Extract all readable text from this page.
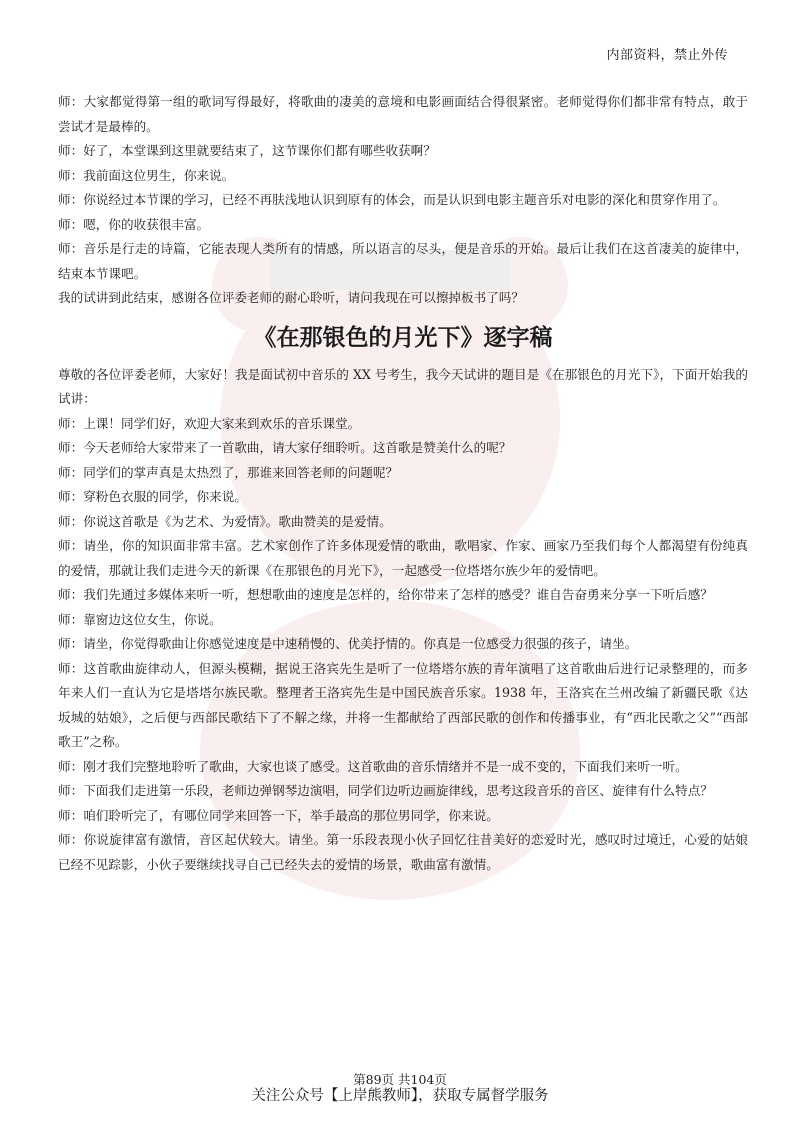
内部资料，禁止外传

师：大家都觉得第一组的歌词写得最好，将歌曲的凄美的意境和电影画面结合得很紧密。老师觉得你们都非常有特点，敢于尝试才是最棒的。

师：好了，本堂课到这里就要结束了，这节课你们都有哪些收获啊？

师：我前面这位男生，你来说。

师：你说经过本节课的学习，已经不再肤浅地认识到原有的体会，而是认识到电影主题音乐对电影的深化和贯穿作用了。

师：嗯，你的收获很丰富。

师：音乐是行走的诗篇，它能表现人类所有的情感，所以语言的尽头，便是音乐的开始。最后让我们在这首凄美的旋律中，结束本节课吧。

我的试讲到此结束，感谢各位评委老师的耐心聆听，请问我现在可以擦掉板书了吗？

《在那银色的月光下》逐字稿

尊敬的各位评委老师，大家好！我是面试初中音乐的 XX 号考生，我今天试讲的题目是《在那银色的月光下》，下面开始我的试讲：

师：上课！同学们好，欢迎大家来到欢乐的音乐课堂。

师：今天老师给大家带来了一首歌曲，请大家仔细聆听。这首歌是赞美什么的呢？

师：同学们的掌声真是太热烈了，那谁来回答老师的问题呢？

师：穿粉色衣服的同学，你来说。

师：你说这首歌是《为艺术、为爱情》。歌曲赞美的是爱情。

师：请坐，你的知识面非常丰富。艺术家创作了许多体现爱情的歌曲，歌唱家、作家、画家乃至我们每个人都渴望有份纯真的爱情，那就让我们走进今天的新课《在那银色的月光下》，一起感受一位塔塔尔族少年的爱情吧。

师：我们先通过多媒体来听一听，想想歌曲的速度是怎样的，给你带来了怎样的感受？谁自告奋勇来分享一下听后感？

师：靠窗边这位女生，你说。

师：请坐，你觉得歌曲让你感觉速度是中速稍慢的、优美抒情的。你真是一位感受力很强的孩子，请坐。

师：这首歌曲旋律动人，但源头模糊，据说王洛宾先生是听了一位塔塔尔族的青年演唱了这首歌曲后进行记录整理的，而多年来人们一直认为它是塔塔尔族民歌。整理者王洛宾先生是中国民族音乐家。1938 年，王洛宾在兰州改编了新疆民歌《达坂城的姑娘》，之后便与西部民歌结下了不解之缘，并将一生都献给了西部民歌的创作和传播事业，有“西北民歌之父”“西部歌王”之称。

师：刚才我们完整地聆听了歌曲，大家也谈了感受。这首歌曲的音乐情绪并不是一成不变的，下面我们来听一听。

师：下面我们走进第一乐段，老师边弹钢琴边演唱，同学们边听边画旋律线，思考这段音乐的音区、旋律有什么特点？

师：咱们聆听完了，有哪位同学来回答一下，举手最高的那位男同学，你来说。

师：你说旋律富有激情，音区起伏较大。请坐。第一乐段表现小伙子回忆往昔美好的恋爱时光，感叹时过境迁，心爱的姑娘已经不见踪影，小伙子要继续找寻自己已经失去的爱情的场景，歌曲富有激情。

第89页 共104页
关注公众号【上岸熊教师】，获取专属督学服务
